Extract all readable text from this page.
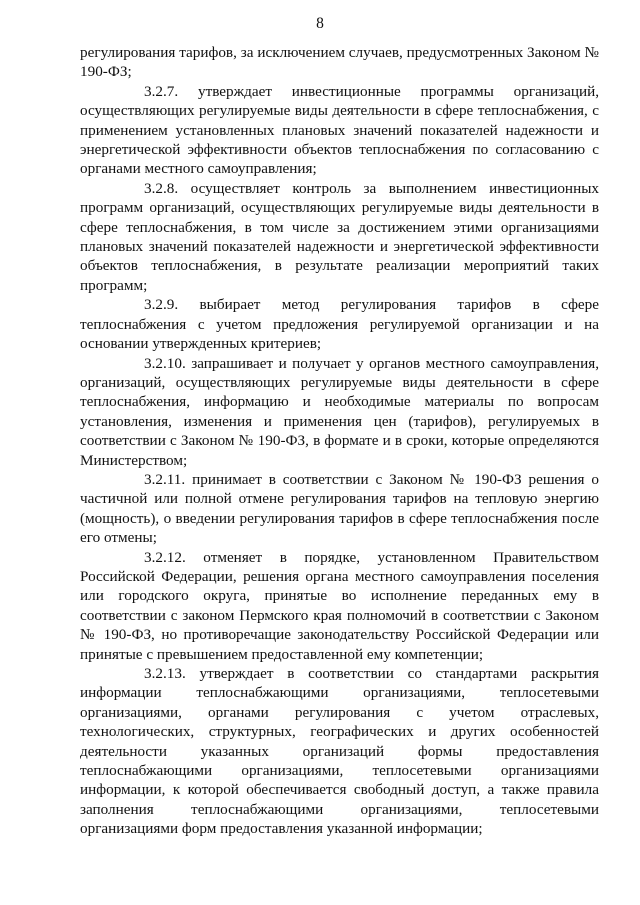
8

регулирования тарифов, за исключением случаев, предусмотренных Законом № 190-ФЗ;

3.2.7. утверждает инвестиционные программы организаций, осуществляющих регулируемые виды деятельности в сфере теплоснабжения, с применением установленных плановых значений показателей надежности и энергетической эффективности объектов теплоснабжения по согласованию с органами местного самоуправления;

3.2.8. осуществляет контроль за выполнением инвестиционных программ организаций, осуществляющих регулируемые виды деятельности в сфере теплоснабжения, в том числе за достижением этими организациями плановых значений показателей надежности и энергетической эффективности объектов теплоснабжения, в результате реализации мероприятий таких программ;

3.2.9. выбирает метод регулирования тарифов в сфере теплоснабжения с учетом предложения регулируемой организации и на основании утвержденных критериев;

3.2.10. запрашивает и получает у органов местного самоуправления, организаций, осуществляющих регулируемые виды деятельности в сфере теплоснабжения, информацию и необходимые материалы по вопросам установления, изменения и применения цен (тарифов), регулируемых в соответствии с Законом № 190-ФЗ, в формате и в сроки, которые определяются Министерством;

3.2.11. принимает в соответствии с Законом № 190-ФЗ решения о частичной или полной отмене регулирования тарифов на тепловую энергию (мощность), о введении регулирования тарифов в сфере теплоснабжения после его отмены;

3.2.12. отменяет в порядке, установленном Правительством Российской Федерации, решения органа местного самоуправления поселения или городского округа, принятые во исполнение переданных ему в соответствии с законом Пермского края полномочий в соответствии с Законом № 190-ФЗ, но противоречащие законодательству Российской Федерации или принятые с превышением предоставленной ему компетенции;

3.2.13. утверждает в соответствии со стандартами раскрытия информации теплоснабжающими организациями, теплосетевыми организациями, органами регулирования с учетом отраслевых, технологических, структурных, географических и других особенностей деятельности указанных организаций формы предоставления теплоснабжающими организациями, теплосетевыми организациями информации, к которой обеспечивается свободный доступ, а также правила заполнения теплоснабжающими организациями, теплосетевыми организациями форм предоставления указанной информации;
